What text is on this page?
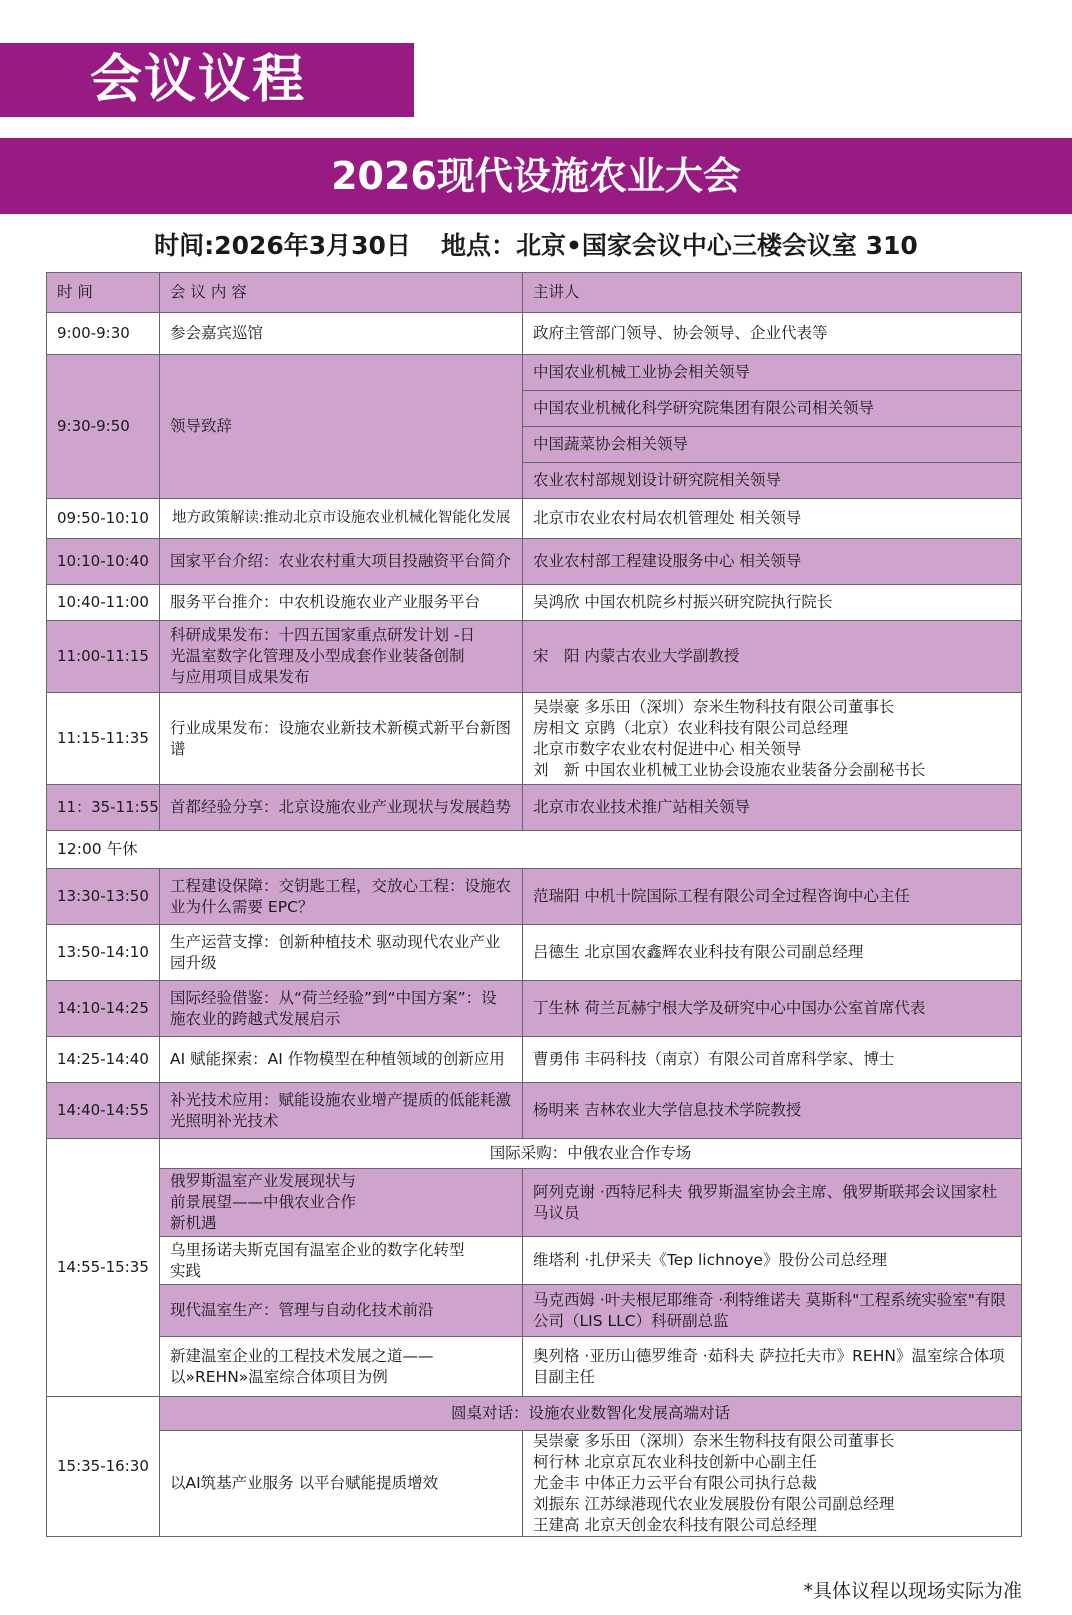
会议议程
2026现代设施农业大会
时间:2026年3月30日 地点：北京•国家会议中心三楼会议室 310
时 间	会 议 内 容	主讲人
9:00-9:30	参会嘉宾巡馆	政府主管部门领导、协会领导、企业代表等
9:30-9:50	领导致辞	中国农业机械工业协会相关领导
		中国农业机械化科学研究院集团有限公司相关领导
		中国蔬菜协会相关领导
		农业农村部规划设计研究院相关领导
09:50-10:10	地方政策解读:推动北京市设施农业机械化智能化发展	北京市农业农村局农机管理处 相关领导
10:10-10:40	国家平台介绍：农业农村重大项目投融资平台简介	农业农村部工程建设服务中心 相关领导
10:40-11:00	服务平台推介：中农机设施农业产业服务平台	吴鸿欣 中国农机院乡村振兴研究院执行院长
11:00-11:15	科研成果发布：十四五国家重点研发计划 -日
光温室数字化管理及小型成套作业装备创制
与应用项目成果发布	宋　阳 内蒙古农业大学副教授
11:15-11:35	行业成果发布：设施农业新技术新模式新平台新图谱	吴崇豪 多乐田（深圳）奈米生物科技有限公司董事长
房相文 京鹍（北京）农业科技有限公司总经理
北京市数字农业农村促进中心 相关领导
刘　新 中国农业机械工业协会设施农业装备分会副秘书长

11：35-11:55	首都经验分享：北京设施农业产业现状与发展趋势	北京市农业技术推广站相关领导
12:00 午休		
13:30-13:50	工程建设保障：交钥匙工程，交放心工程：设施农业为什么需要 EPC？	范瑞阳 中机十院国际工程有限公司全过程咨询中心主任
13:50-14:10	生产运营支撑：创新种植技术 驱动现代农业产业园升级	吕德生 北京国农鑫辉农业科技有限公司副总经理
14:10-14:25	国际经验借鉴：从“荷兰经验”到“中国方案”：设施农业的跨越式发展启示	丁生林 荷兰瓦赫宁根大学及研究中心中国办公室首席代表
14:25-14:40	AI 赋能探索：AI 作物模型在种植领域的创新应用	曹勇伟 丰码科技（南京）有限公司首席科学家、博士
14:40-14:55	补光技术应用：赋能设施农业增产提质的低能耗激光照明补光技术	杨明来 吉林农业大学信息技术学院教授
14:55-15:35	国际采购：中俄农业合作专场	

	俄罗斯温室产业发展现状与
前景展望——中俄农业合作
新机遇	阿列克谢 ·西特尼科夫 俄罗斯温室协会主席、俄罗斯联邦会议国家杜马议员

	乌里扬诺夫斯克国有温室企业的数字化转型
实践	维塔利 ·扎伊采夫《Tep lichnoye》股份公司总经理

	现代温室生产：管理与自动化技术前沿	马克西姆 ·叶夫根尼耶维奇 ·利特维诺夫 莫斯科"工程系统实验室"有限公司（LIS LLC）科研副总监

	新建温室企业的工程技术发展之道——
以»REHN»温室综合体项目为例	奥列格 ·亚历山德罗维奇 ·茹科夫 萨拉托夫市》REHN》温室综合体项目副主任
15:35-16:30	圆桌对话：设施农业数智化发展高端对话	
	以AI筑基产业服务 以平台赋能提质增效	吴崇豪 多乐田（深圳）奈米生物科技有限公司董事长
柯行林 北京京瓦农业科技创新中心副主任
尤金丰 中体正力云平台有限公司执行总裁
刘振东 江苏绿港现代农业发展股份有限公司副总经理
王建高 北京天创金农科技有限公司总经理
*具体议程以现场实际为准
